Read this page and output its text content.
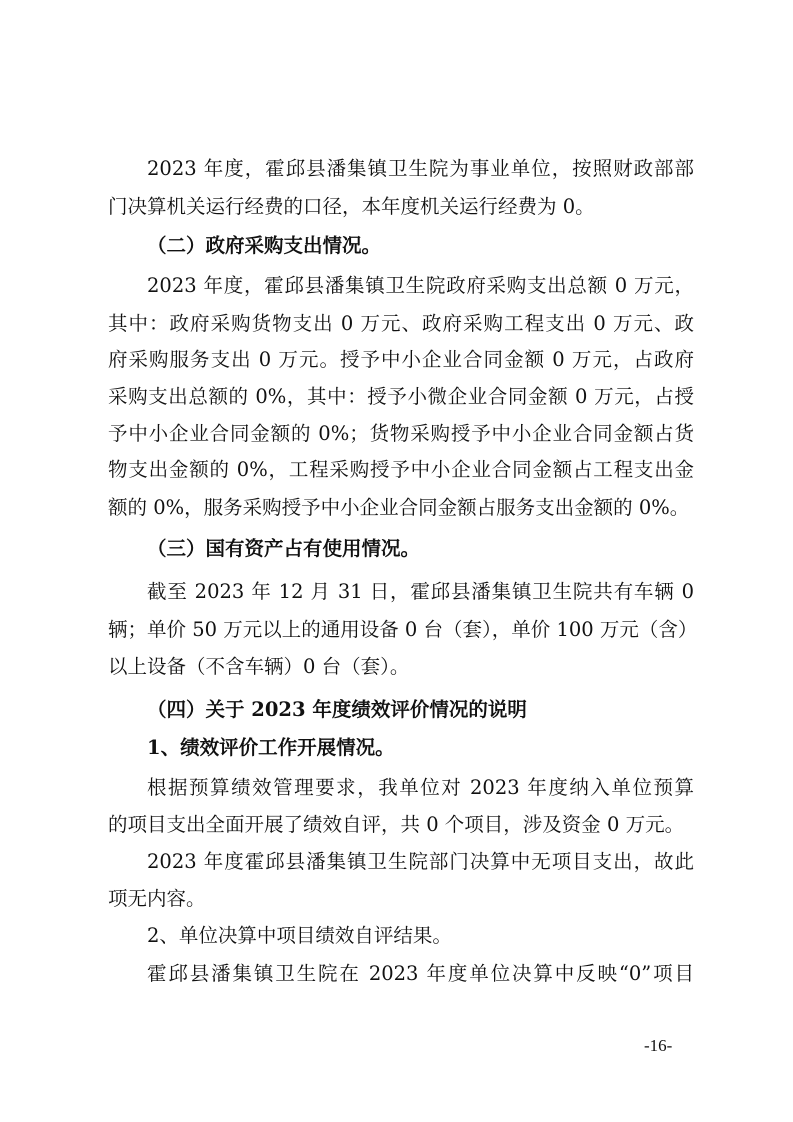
2023 年度，霍邱县潘集镇卫生院为事业单位，按照财政部部
门决算机关运行经费的口径，本年度机关运行经费为 0。
（二）政府采购支出情况。
2023 年度，霍邱县潘集镇卫生院政府采购支出总额 0 万元，
其中：政府采购货物支出 0 万元、政府采购工程支出 0 万元、政
府采购服务支出 0 万元。授予中小企业合同金额 0 万元，占政府
采购支出总额的 0%，其中：授予小微企业合同金额 0 万元，占授
予中小企业合同金额的 0%；货物采购授予中小企业合同金额占货
物支出金额的 0%，工程采购授予中小企业合同金额占工程支出金
额的 0%，服务采购授予中小企业合同金额占服务支出金额的 0%。
（三）国有资产占有使用情况。
截至 2023 年 12 月 31 日，霍邱县潘集镇卫生院共有车辆 0
辆；单价 50 万元以上的通用设备 0 台（套），单价 100 万元（含）
以上设备（不含车辆）0 台（套）。
（四）关于 2023 年度绩效评价情况的说明
1、绩效评价工作开展情况。
根据预算绩效管理要求，我单位对 2023 年度纳入单位预算
的项目支出全面开展了绩效自评，共 0 个项目，涉及资金 0 万元。
2023 年度霍邱县潘集镇卫生院部门决算中无项目支出，故此
项无内容。
2、单位决算中项目绩效自评结果。
霍邱县潘集镇卫生院在 2023 年度单位决算中反映“0”项目
-16-
